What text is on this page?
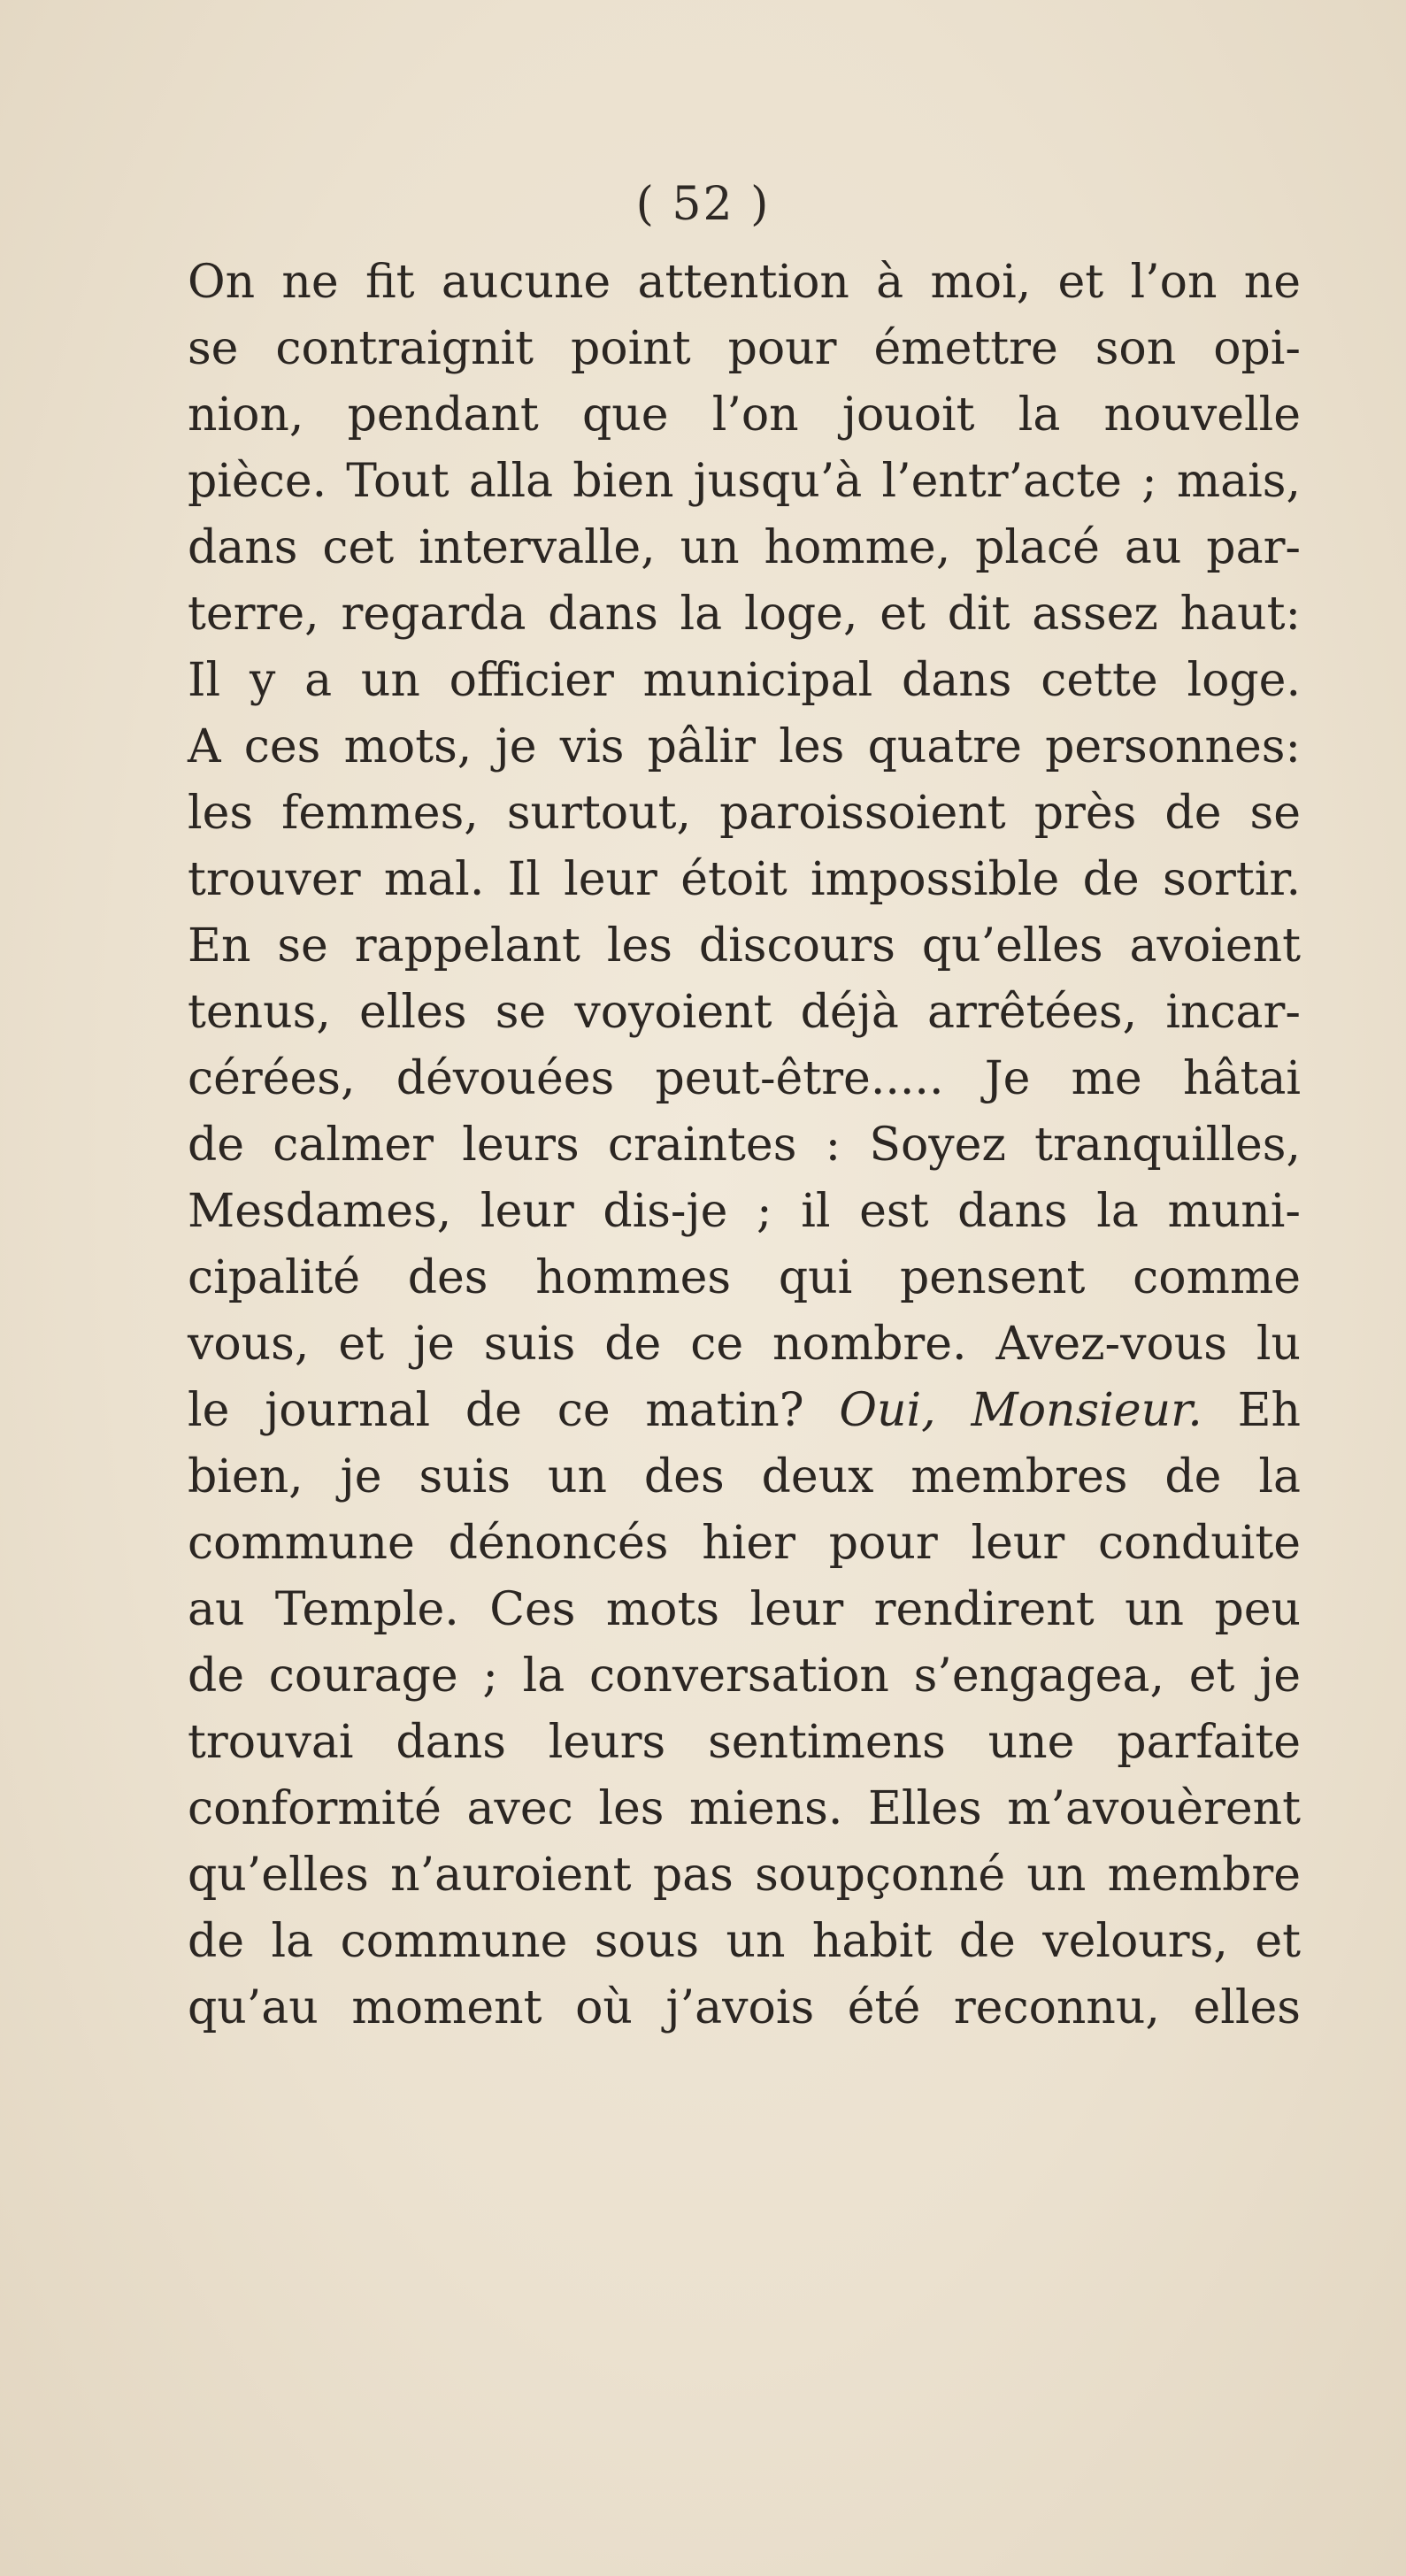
( 52 )
On ne fit aucune attention à moi, et l’on ne
se contraignit point pour émettre son opi-
nion, pendant que l’on jouoit la nouvelle
pièce. Tout alla bien jusqu’à l’entr’acte ; mais,
dans cet intervalle, un homme, placé au par-
terre, regarda dans la loge, et dit assez haut:
Il y a un officier municipal dans cette loge.
A ces mots, je vis pâlir les quatre personnes:
les femmes, surtout, paroissoient près de se
trouver mal. Il leur étoit impossible de sortir.
En se rappelant les discours qu’elles avoient
tenus, elles se voyoient déjà arrêtées, incar-
cérées, dévouées peut-être..... Je me hâtai
de calmer leurs craintes : Soyez tranquilles,
Mesdames, leur dis-je ; il est dans la muni-
cipalité des hommes qui pensent comme
vous, et je suis de ce nombre. Avez-vous lu
le journal de ce matin? Oui, Monsieur. Eh
bien, je suis un des deux membres de la
commune dénoncés hier pour leur conduite
au Temple. Ces mots leur rendirent un peu
de courage ; la conversation s’engagea, et je
trouvai dans leurs sentimens une parfaite
conformité avec les miens. Elles m’avouèrent
qu’elles n’auroient pas soupçonné un membre
de la commune sous un habit de velours, et
qu’au moment où j’avois été reconnu, elles
